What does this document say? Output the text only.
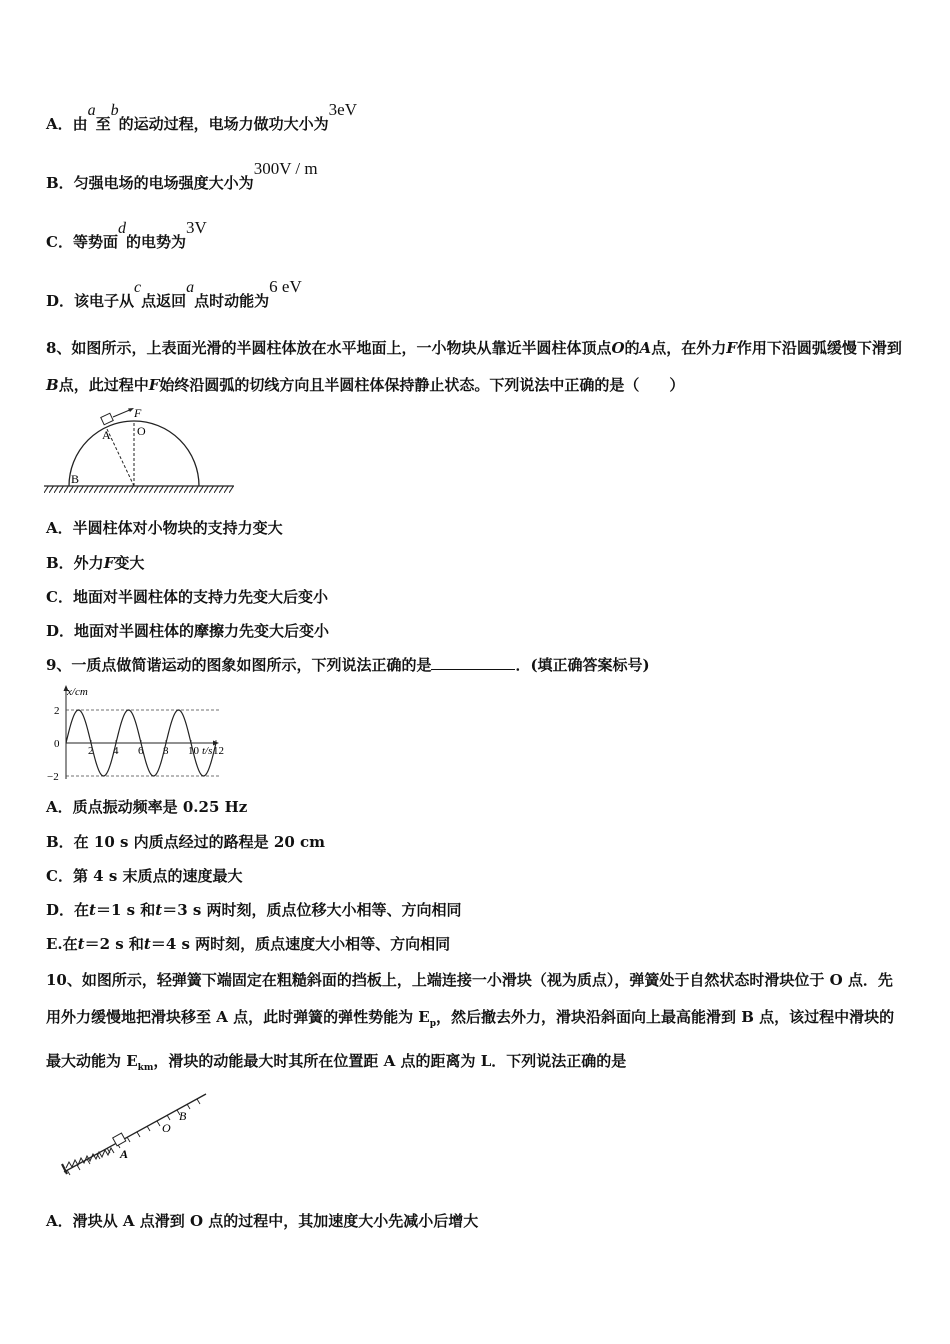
A．由a至b的运动过程，电场力做功大小为3eV
B．匀强电场的电场强度大小为300V / m
C．等势面d的电势为3V
D．该电子从c点返回a点时动能为6 eV
8、如图所示，上表面光滑的半圆柱体放在水平地面上，一小物块从靠近半圆柱体顶点O的A点，在外力F作用下沿圆弧缓慢下滑到B点，此过程中F始终沿圆弧的切线方向且半圆柱体保持静止状态。下列说法中正确的是（　　）
F
A O
B
A．半圆柱体对小物块的支持力变大
B．外力F变大
C．地面对半圆柱体的支持力先变大后变小
D．地面对半圆柱体的摩擦力先变大后变小
9、一质点做简谐运动的图象如图所示，下列说法正确的是	．(填正确答案标号)
x/cm
t/s
2 4 6 8 10 12
2
0
−2
A．质点振动频率是 0.25 Hz
B．在 10 s 内质点经过的路程是 20 cm
C．第 4 s 末质点的速度最大
D．在t＝1 s 和t＝3 s 两时刻，质点位移大小相等、方向相同
E.在t＝2 s 和t＝4 s 两时刻，质点速度大小相等、方向相同
10、如图所示，轻弹簧下端固定在粗糙斜面的挡板上，上端连接一小滑块（视为质点），弹簧处于自然状态时滑块位于 O 点．先用外力缓慢地把滑块移至 A 点，此时弹簧的弹性势能为 $E_p$，然后撤去外力，滑块沿斜面向上最高能滑到 B 点，该过程中滑块的最大动能为 $E_{km}$，滑块的动能最大时其所在位置距 A 点的距离为 L．下列说法正确的是
A
O
B
A．滑块从 A 点滑到 O 点的过程中，其加速度大小先减小后增大
